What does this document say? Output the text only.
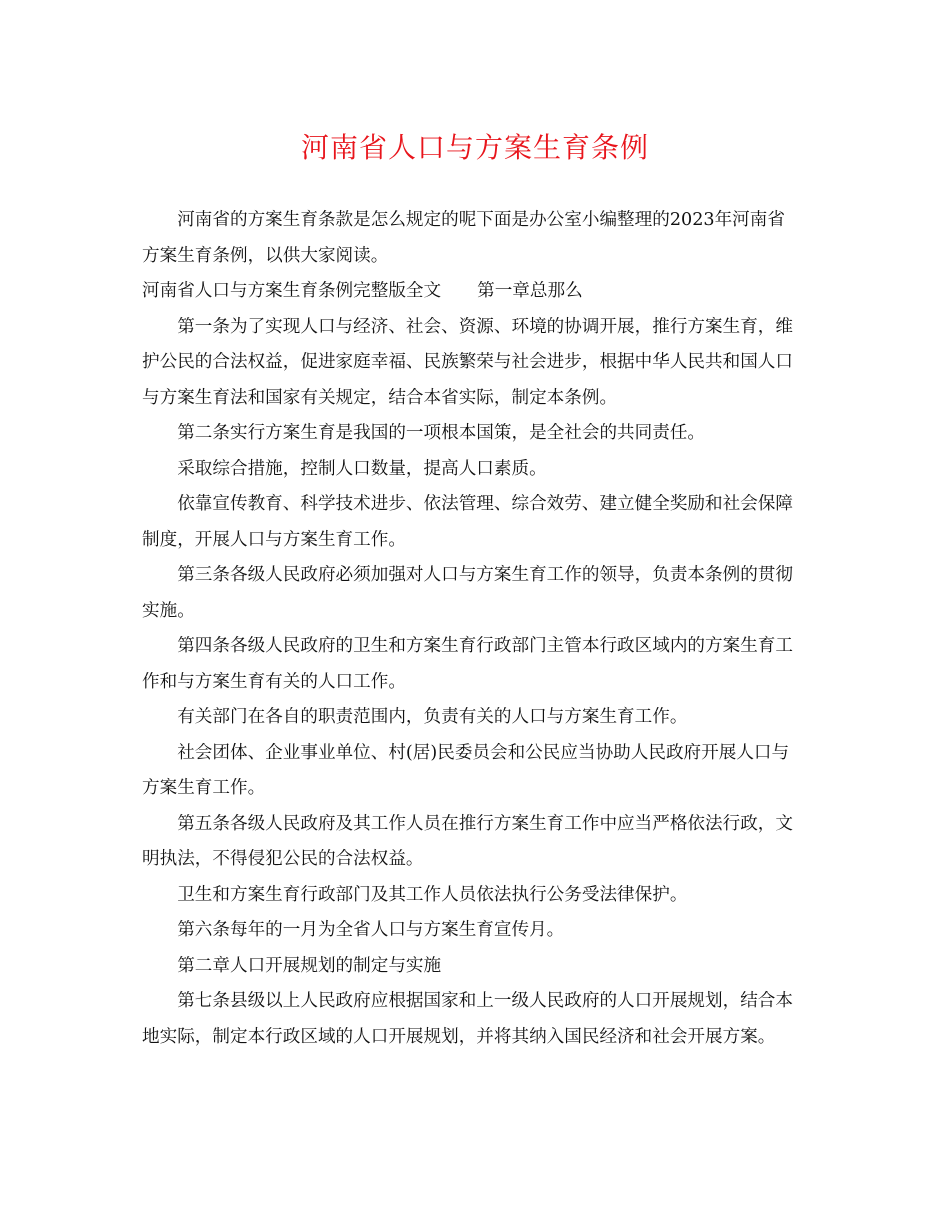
河南省人口与方案生育条例

河南省的方案生育条款是怎么规定的呢下面是办公室小编整理的2023年河南省方案生育条例，以供大家阅读。

河南省人口与方案生育条例完整版全文 第一章总那么

第一条为了实现人口与经济、社会、资源、环境的协调开展，推行方案生育，维护公民的合法权益，促进家庭幸福、民族繁荣与社会进步，根据中华人民共和国人口与方案生育法和国家有关规定，结合本省实际，制定本条例。

第二条实行方案生育是我国的一项根本国策，是全社会的共同责任。

采取综合措施，控制人口数量，提高人口素质。

依靠宣传教育、科学技术进步、依法管理、综合效劳、建立健全奖励和社会保障制度，开展人口与方案生育工作。

第三条各级人民政府必须加强对人口与方案生育工作的领导，负责本条例的贯彻实施。

第四条各级人民政府的卫生和方案生育行政部门主管本行政区域内的方案生育工作和与方案生育有关的人口工作。

有关部门在各自的职责范围内，负责有关的人口与方案生育工作。

社会团体、企业事业单位、村(居)民委员会和公民应当协助人民政府开展人口与方案生育工作。

第五条各级人民政府及其工作人员在推行方案生育工作中应当严格依法行政，文明执法，不得侵犯公民的合法权益。

卫生和方案生育行政部门及其工作人员依法执行公务受法律保护。

第六条每年的一月为全省人口与方案生育宣传月。

第二章人口开展规划的制定与实施

第七条县级以上人民政府应根据国家和上一级人民政府的人口开展规划，结合本地实际，制定本行政区域的人口开展规划，并将其纳入国民经济和社会开展方案。
